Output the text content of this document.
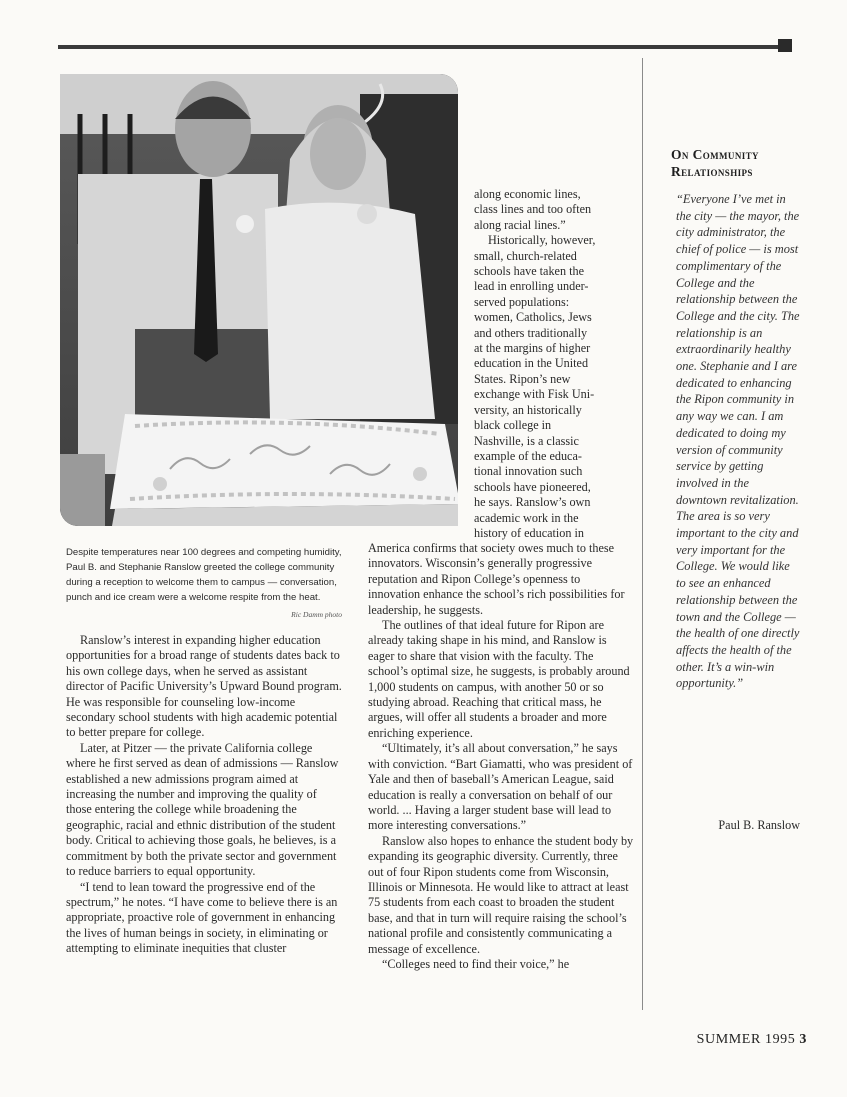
Despite temperatures near 100 degrees and competing humidity, Paul B. and Stephanie Ranslow greeted the college community during a reception to welcome them to campus — conversation, punch and ice cream were a welcome respite from the heat.
Ric Damm photo

along economic lines,
class lines and too often
along racial lines.”
Historically, however,
small, church-related
schools have taken the
lead in enrolling under-
served populations:
women, Catholics, Jews
and others traditionally
at the margins of higher
education in the United
States. Ripon’s new
exchange with Fisk Uni-
versity, an historically
black college in
Nashville, is a classic
example of the educa-
tional innovation such
schools have pioneered,
he says. Ranslow’s own
academic work in the
history of education in

America confirms that society owes much to these innovators. Wisconsin’s generally progressive reputation and Ripon College’s openness to innovation enhance the school’s rich possibilities for leadership, he suggests.

The outlines of that ideal future for Ripon are already taking shape in his mind, and Ranslow is eager to share that vision with the faculty. The school’s optimal size, he suggests, is probably around 1,000 students on campus, with another 50 or so studying abroad. Reaching that critical mass, he argues, will offer all students a broader and more enriching experience.

“Ultimately, it’s all about conversation,” he says with conviction. “Bart Giamatti, who was president of Yale and then of baseball’s American League, said education is really a conversation on behalf of our world. ... Having a larger student base will lead to more interesting conversations.”

Ranslow also hopes to enhance the student body by expanding its geographic diversity. Currently, three out of four Ripon students come from Wisconsin, Illinois or Minnesota. He would like to attract at least 75 students from each coast to broaden the student base, and that in turn will require raising the school’s national profile and consistently communicating a message of excellence.

“Colleges need to find their voice,” he

Ranslow’s interest in expanding higher education opportunities for a broad range of students dates back to his own college days, when he served as assistant director of Pacific University’s Upward Bound program. He was responsible for counseling low-income secondary school students with high academic potential to better prepare for college.

Later, at Pitzer — the private California college where he first served as dean of admissions — Ranslow established a new admissions program aimed at increasing the number and improving the quality of those entering the college while broadening the geographic, racial and ethnic distribution of the student body. Critical to achieving those goals, he believes, is a commitment by both the private sector and government to reduce barriers to equal opportunity.

“I tend to lean toward the progressive end of the spectrum,” he notes. “I have come to believe there is an appropriate, proactive role of government in enhancing the lives of human beings in society, in eliminating or attempting to eliminate inequities that cluster

On Community
Relationships

“Everyone I’ve met in the city — the mayor, the city administrator, the chief of police — is most complimentary of the College and the relationship between the College and the city. The relationship is an extraordinarily healthy one. Stephanie and I are dedicated to enhancing the Ripon community in any way we can. I am dedicated to doing my version of community service by getting involved in the downtown revitalization. The area is so very important to the city and very important for the College. We would like to see an enhanced relationship between the town and the College — the health of one directly affects the health of the other. It’s a win-win opportunity.”

Paul B. Ranslow

SUMMER 1995 3
